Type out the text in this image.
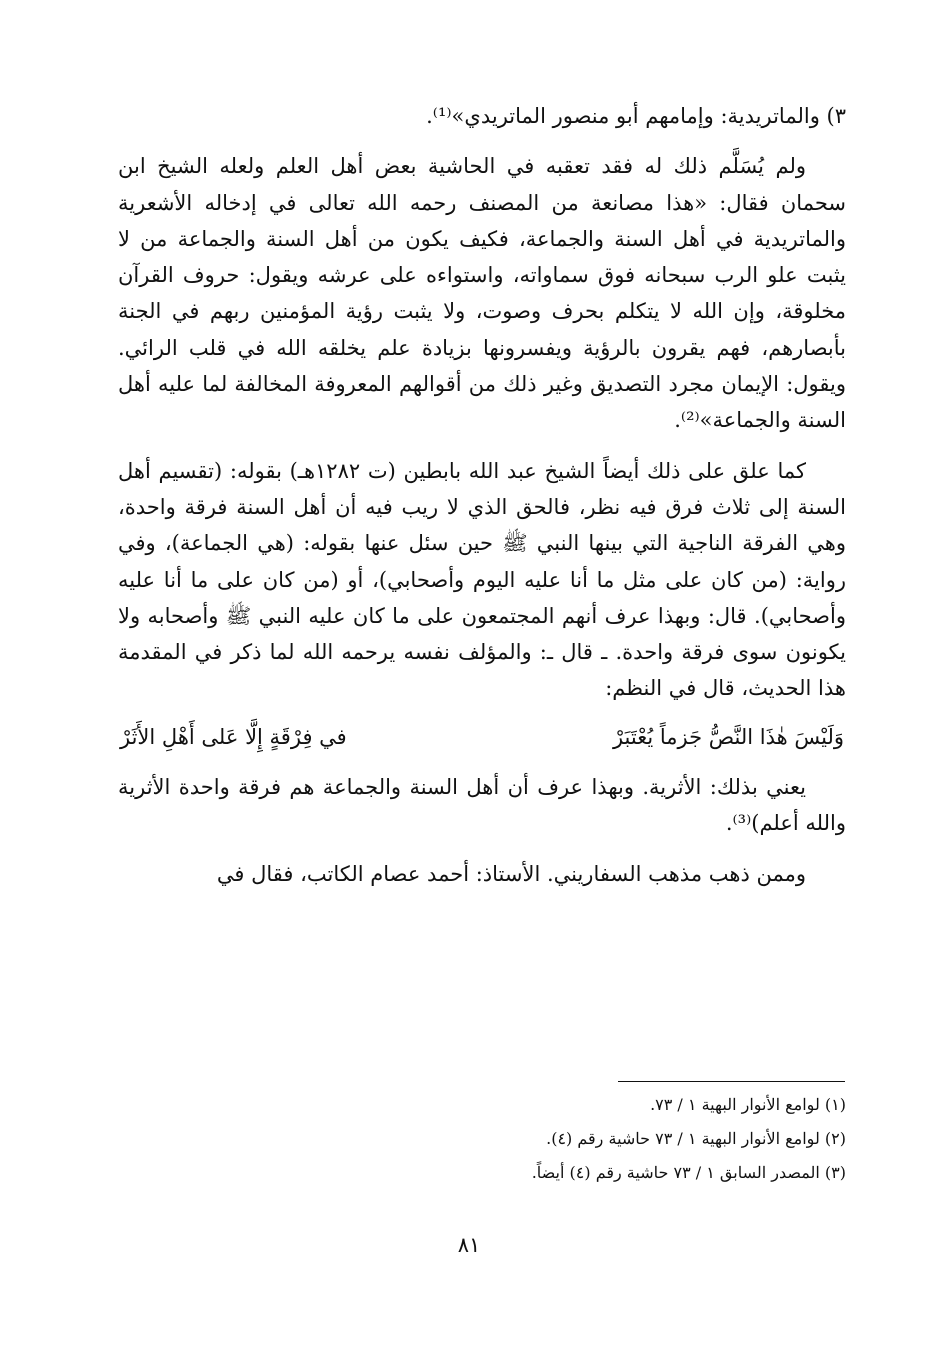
٣) والماتريدية: وإمامهم أبو منصور الماتريدي»⁽¹⁾.

ولم يُسَلَّم ذلك له فقد تعقبه في الحاشية بعض أهل العلم ولعله الشيخ ابن سحمان فقال: «هذا مصانعة من المصنف رحمه الله تعالى في إدخاله الأشعرية والماتريدية في أهل السنة والجماعة، فكيف يكون من أهل السنة والجماعة من لا يثبت علو الرب سبحانه فوق سماواته، واستواءه على عرشه ويقول: حروف القرآن مخلوقة، وإن الله لا يتكلم بحرف وصوت، ولا يثبت رؤية المؤمنين ربهم في الجنة بأبصارهم، فهم يقرون بالرؤية ويفسرونها بزيادة علم يخلقه الله في قلب الرائي. ويقول: الإيمان مجرد التصديق وغير ذلك من أقوالهم المعروفة المخالفة لما عليه أهل السنة والجماعة»⁽²⁾.

كما علق على ذلك أيضاً الشيخ عبد الله بابطين (ت ١٢٨٢هـ) بقوله: (تقسيم أهل السنة إلى ثلاث فرق فيه نظر، فالحق الذي لا ريب فيه أن أهل السنة فرقة واحدة، وهي الفرقة الناجية التي بينها النبي ﷺ حين سئل عنها بقوله: (هي الجماعة)، وفي رواية: (من كان على مثل ما أنا عليه اليوم وأصحابي)، أو (من كان على ما أنا عليه وأصحابي). قال: وبهذا عرف أنهم المجتمعون على ما كان عليه النبي ﷺ وأصحابه ولا يكونون سوى فرقة واحدة. ـ قال ـ: والمؤلف نفسه يرحمه الله لما ذكر في المقدمة هذا الحديث، قال في النظم:

وَلَيْسَ هٰذَا النَّصُّ جَزماً يُعْتَبَرْ
في فِرْقَةٍ إِلَّا عَلى أَهْلِ الأَثَرْ

يعني بذلك: الأثرية. وبهذا عرف أن أهل السنة والجماعة هم فرقة واحدة الأثرية والله أعلم)⁽³⁾.

وممن ذهب مذهب السفاريني. الأستاذ: أحمد عصام الكاتب، فقال في

(١) لوامع الأنوار البهية ١ / ٧٣.
(٢) لوامع الأنوار البهية ١ / ٧٣ حاشية رقم (٤).
(٣) المصدر السابق ١ / ٧٣ حاشية رقم (٤) أيضاً.
٨١
